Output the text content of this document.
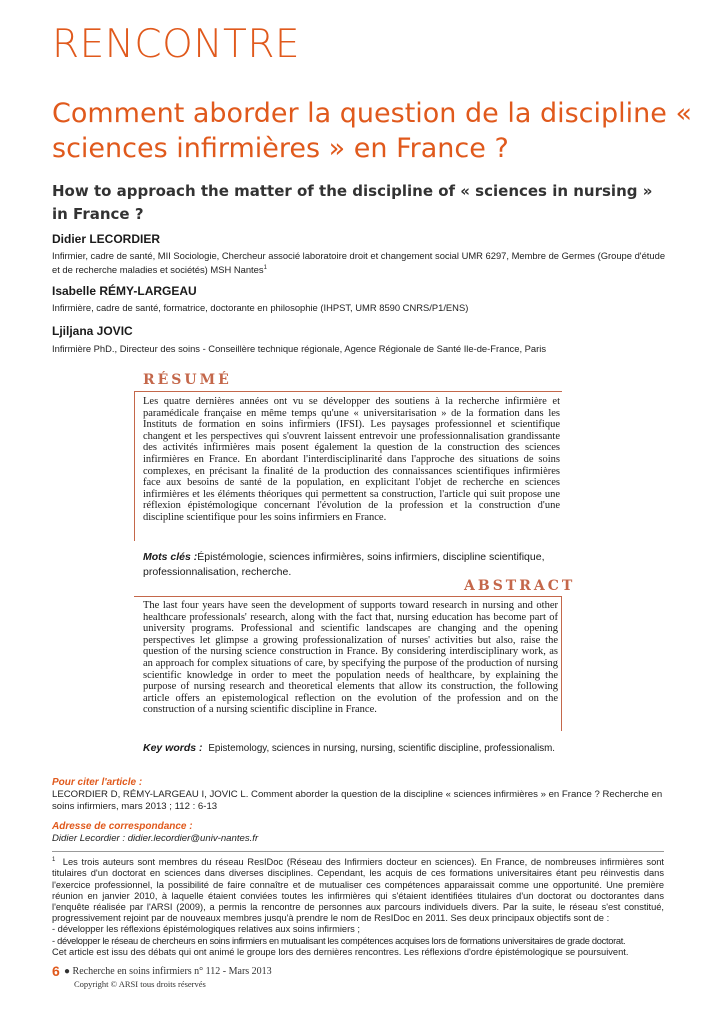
RENCONTRE
Comment aborder la question de la discipline « sciences infirmières » en France ?
How to approach the matter of the discipline of « sciences in nursing » in France ?
Didier LECORDIER
Infirmier, cadre de santé, MII Sociologie, Chercheur associé laboratoire droit et changement social UMR 6297, Membre de Germes (Groupe d'étude et de recherche maladies et sociétés) MSH Nantes$^1$
Isabelle RÉMY-LARGEAU
Infirmière, cadre de santé, formatrice, doctorante en philosophie (IHPST, UMR 8590 CNRS/P1/ENS)
Ljiljana JOVIC
Infirmière PhD., Directeur des soins - Conseillère technique régionale, Agence Régionale de Santé Ile-de-France, Paris
RÉSUMÉ
Les quatre dernières années ont vu se développer des soutiens à la recherche infirmière et paramédicale française en même temps qu'une « universitarisation » de la formation dans les Instituts de formation en soins infirmiers (IFSI). Les paysages professionnel et scientifique changent et les perspectives qui s'ouvrent laissent entrevoir une professionnalisation grandissante des activités infirmières mais posent également la question de la construction des sciences infirmières en France. En abordant l'interdisciplinarité dans l'approche des situations de soins complexes, en précisant la finalité de la production des connaissances scientifiques infirmières face aux besoins de santé de la population, en explicitant l'objet de recherche en sciences infirmières et les éléments théoriques qui permettent sa construction, l'article qui suit propose une réflexion épistémologique concernant l'évolution de la profession et la construction d'une discipline scientifique pour les soins infirmiers en France.
Mots clés :Épistémologie, sciences infirmières, soins infirmiers, discipline scientifique, professionnalisation, recherche.
ABSTRACT
The last four years have seen the development of supports toward research in nursing and other healthcare professionals' research, along with the fact that, nursing education has become part of university programs. Professional and scientific landscapes are changing and the opening perspectives let glimpse a growing professionalization of nurses' activities but also, raise the question of the nursing science construction in France. By considering interdisciplinary work, as an approach for complex situations of care, by specifying the purpose of the production of nursing scientific knowledge in order to meet the population needs of healthcare, by explaining the purpose of nursing research and theoretical elements that allow its construction, the following article offers an epistemological reflection on the evolution of the profession and on the construction of a nursing scientific discipline in France.
Key words : Epistemology, sciences in nursing, nursing, scientific discipline, professionalism.
Pour citer l'article :
LECORDIER D, RÉMY-LARGEAU I, JOVIC L. Comment aborder la question de la discipline « sciences infirmières » en France ? Recherche en soins infirmiers, mars 2013 ; 112 : 6-13
Adresse de correspondance :
Didier Lecordier : didier.lecordier@univ-nantes.fr
$^1$ Les trois auteurs sont membres du réseau ResIDoc (Réseau des Infirmiers docteur en sciences). En France, de nombreuses infirmières sont titulaires d'un doctorat en sciences dans diverses disciplines. Cependant, les acquis de ces formations universitaires étant peu réinvestis dans l'exercice professionnel, la possibilité de faire connaître et de mutualiser ces compétences apparaissait comme une opportunité. Une première réunion en janvier 2010, à laquelle étaient conviées toutes les infirmières qui s'étaient identifiées titulaires d'un doctorat ou doctorantes dans l'enquête réalisée par l'ARSI (2009), a permis la rencontre de personnes aux parcours individuels divers. Par la suite, le réseau s'est constitué, progressivement rejoint par de nouveaux membres jusqu'à prendre le nom de ResIDoc en 2011. Ses deux principaux objectifs sont de :
- développer les réflexions épistémologiques relatives aux soins infirmiers ;
- développer le réseau de chercheurs en soins infirmiers en mutualisant les compétences acquises lors de formations universitaires de grade doctorat.
Cet article est issu des débats qui ont animé le groupe lors des dernières rencontres. Les réflexions d'ordre épistémologique se poursuivent.
6 ● Recherche en soins infirmiers n° 112 - Mars 2013
Copyright © ARSI tous droits réservés
